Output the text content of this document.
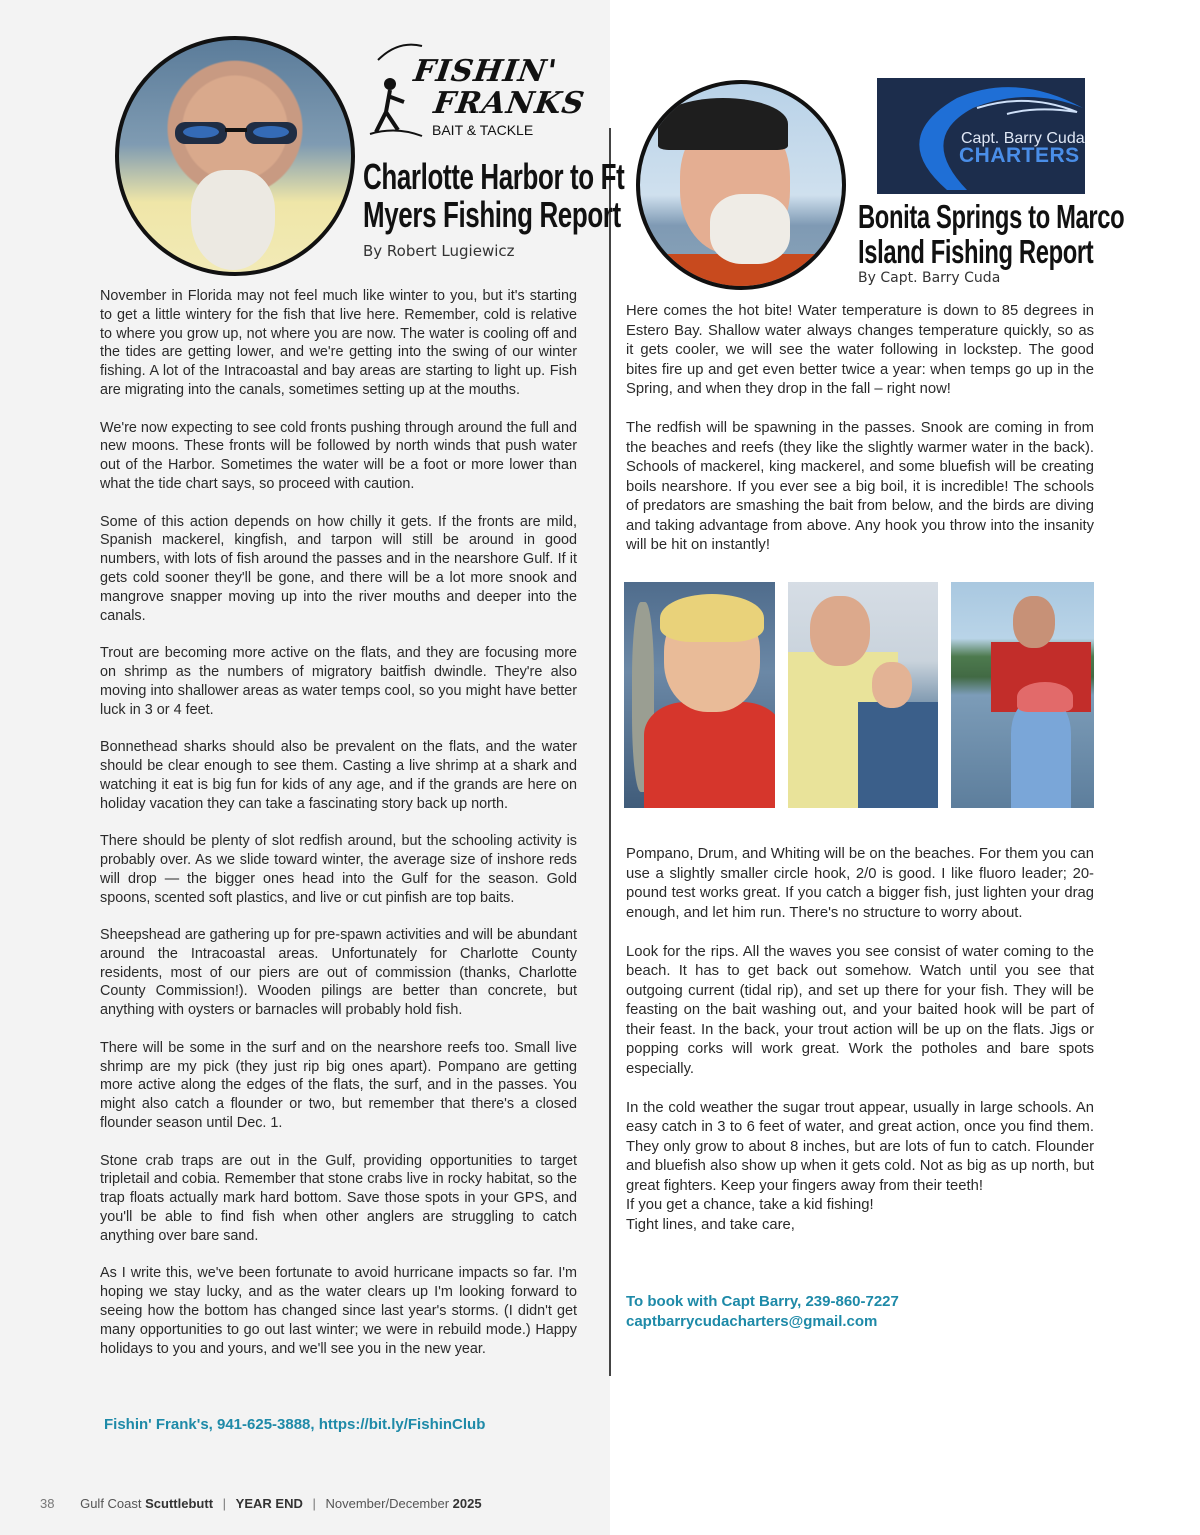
FISHIN'
FRANKS
BAIT & TACKLE
Charlotte Harbor to Ft
Myers Fishing Report
By Robert Lugiewicz

November in Florida may not feel much like winter to you, but it's starting to get a little wintery for the fish that live here. Remember, cold is relative to where you grow up, not where you are now. The water is cooling off and the tides are getting lower, and we're getting into the swing of our winter fishing. A lot of the Intracoastal and bay areas are starting to light up. Fish are migrating into the canals, sometimes setting up at the mouths.

We're now expecting to see cold fronts pushing through around the full and new moons. These fronts will be followed by north winds that push water out of the Harbor. Sometimes the water will be a foot or more lower than what the tide chart says, so proceed with caution.

Some of this action depends on how chilly it gets. If the fronts are mild, Spanish mackerel, kingfish, and tarpon will still be around in good numbers, with lots of fish around the passes and in the nearshore Gulf. If it gets cold sooner they'll be gone, and there will be a lot more snook and mangrove snapper moving up into the river mouths and deeper into the canals.

Trout are becoming more active on the flats, and they are focusing more on shrimp as the numbers of migratory baitfish dwindle. They're also moving into shallower areas as water temps cool, so you might have better luck in 3 or 4 feet.

Bonnethead sharks should also be prevalent on the flats, and the water should be clear enough to see them. Casting a live shrimp at a shark and watching it eat is big fun for kids of any age, and if the grands are here on holiday vacation they can take a fascinating story back up north.

There should be plenty of slot redfish around, but the schooling activity is probably over. As we slide toward winter, the average size of inshore reds will drop — the bigger ones head into the Gulf for the season. Gold spoons, scented soft plastics, and live or cut pinfish are top baits.

Sheepshead are gathering up for pre-spawn activities and will be abundant around the Intracoastal areas. Unfortunately for Charlotte County residents, most of our piers are out of commission (thanks, Charlotte County Commission!). Wooden pilings are better than concrete, but anything with oysters or barnacles will probably hold fish.

There will be some in the surf and on the nearshore reefs too. Small live shrimp are my pick (they just rip big ones apart). Pompano are getting more active along the edges of the flats, the surf, and in the passes. You might also catch a flounder or two, but remember that there's a closed flounder season until Dec. 1.

Stone crab traps are out in the Gulf, providing opportunities to target tripletail and cobia. Remember that stone crabs live in rocky habitat, so the trap floats actually mark hard bottom. Save those spots in your GPS, and you'll be able to find fish when other anglers are struggling to catch anything over bare sand.

As I write this, we've been fortunate to avoid hurricane impacts so far. I'm hoping we stay lucky, and as the water clears up I'm looking forward to seeing how the bottom has changed since last year's storms. (I didn't get many opportunities to go out last winter; we were in rebuild mode.) Happy holidays to you and yours, and we'll see you in the new year.

Fishin' Frank's, 941-625-3888, https://bit.ly/FishinClub
Capt. Barry Cuda
CHARTERS
Bonita Springs to Marco
Island Fishing Report
By Capt. Barry Cuda

Here comes the hot bite! Water temperature is down to 85 degrees in Estero Bay. Shallow water always changes temperature quickly, so as it gets cooler, we will see the water following in lockstep. The good bites fire up and get even better twice a year: when temps go up in the Spring, and when they drop in the fall – right now!

The redfish will be spawning in the passes. Snook are coming in from the beaches and reefs (they like the slightly warmer water in the back). Schools of mackerel, king mackerel, and some bluefish will be creating boils nearshore. If you ever see a big boil, it is incredible! The schools of predators are smashing the bait from below, and the birds are diving and taking advantage from above. Any hook you throw into the insanity will be hit on instantly!

Pompano, Drum, and Whiting will be on the beaches. For them you can use a slightly smaller circle hook, 2/0 is good. I like fluoro leader; 20-pound test works great. If you catch a bigger fish, just lighten your drag enough, and let him run. There's no structure to worry about.

Look for the rips. All the waves you see consist of water coming to the beach. It has to get back out somehow. Watch until you see that outgoing current (tidal rip), and set up there for your fish. They will be feasting on the bait washing out, and your baited hook will be part of their feast. In the back, your trout action will be up on the flats. Jigs or popping corks will work great. Work the potholes and bare spots especially.

In the cold weather the sugar trout appear, usually in large schools. An easy catch in 3 to 6 feet of water, and great action, once you find them. They only grow to about 8 inches, but are lots of fun to catch. Flounder and bluefish also show up when it gets cold. Not as big as up north, but great fighters. Keep your fingers away from their teeth!

If you get a chance, take a kid fishing!

Tight lines, and take care,

To book with Capt Barry, 239-860-7227
captbarrycudacharters@gmail.com
38 Gulf Coast Scuttlebutt | YEAR END | November/December 2025
